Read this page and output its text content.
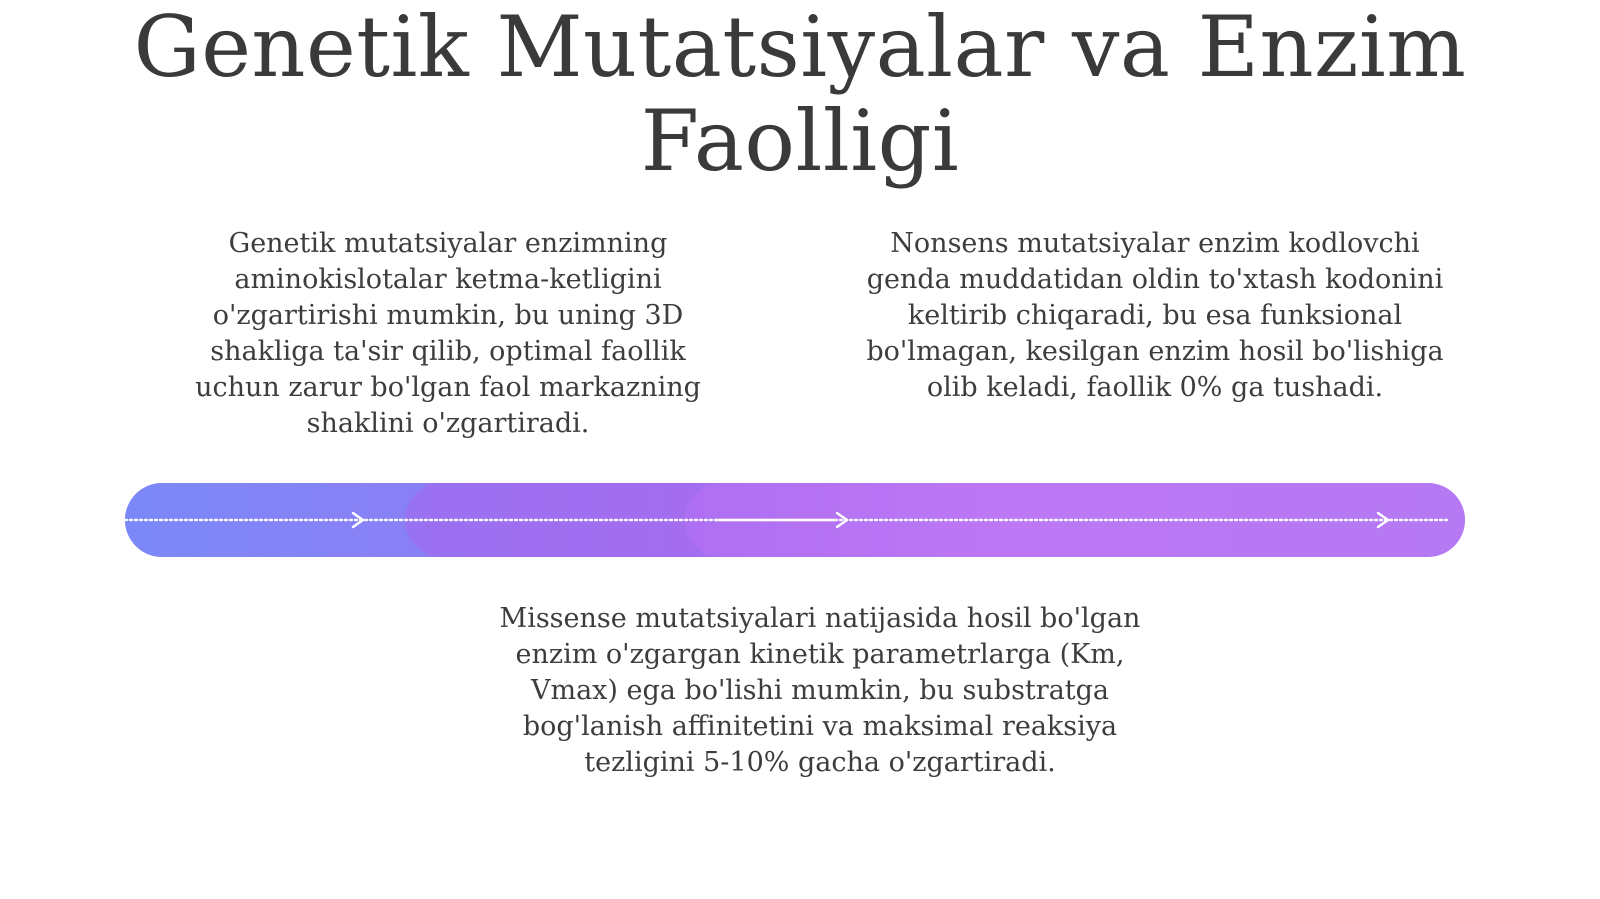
Genetik Mutatsiyalar va Enzim Faolligi

Genetik mutatsiyalar enzimning aminokislotalar ketma-ketligini o'zgartirishi mumkin, bu uning 3D shakliga ta'sir qilib, optimal faollik uchun zarur bo'lgan faol markazning shaklini o'zgartiradi.

Nonsens mutatsiyalar enzim kodlovchi genda muddatidan oldin to'xtash kodonini keltirib chiqaradi, bu esa funksional bo'lmagan, kesilgan enzim hosil bo'lishiga olib keladi, faollik 0% ga tushadi.

Missense mutatsiyalari natijasida hosil bo'lgan enzim o'zgargan kinetik parametrlarga (Km, Vmax) ega bo'lishi mumkin, bu substratga bog'lanish affinitetini va maksimal reaksiya tezligini 5-10% gacha o'zgartiradi.
